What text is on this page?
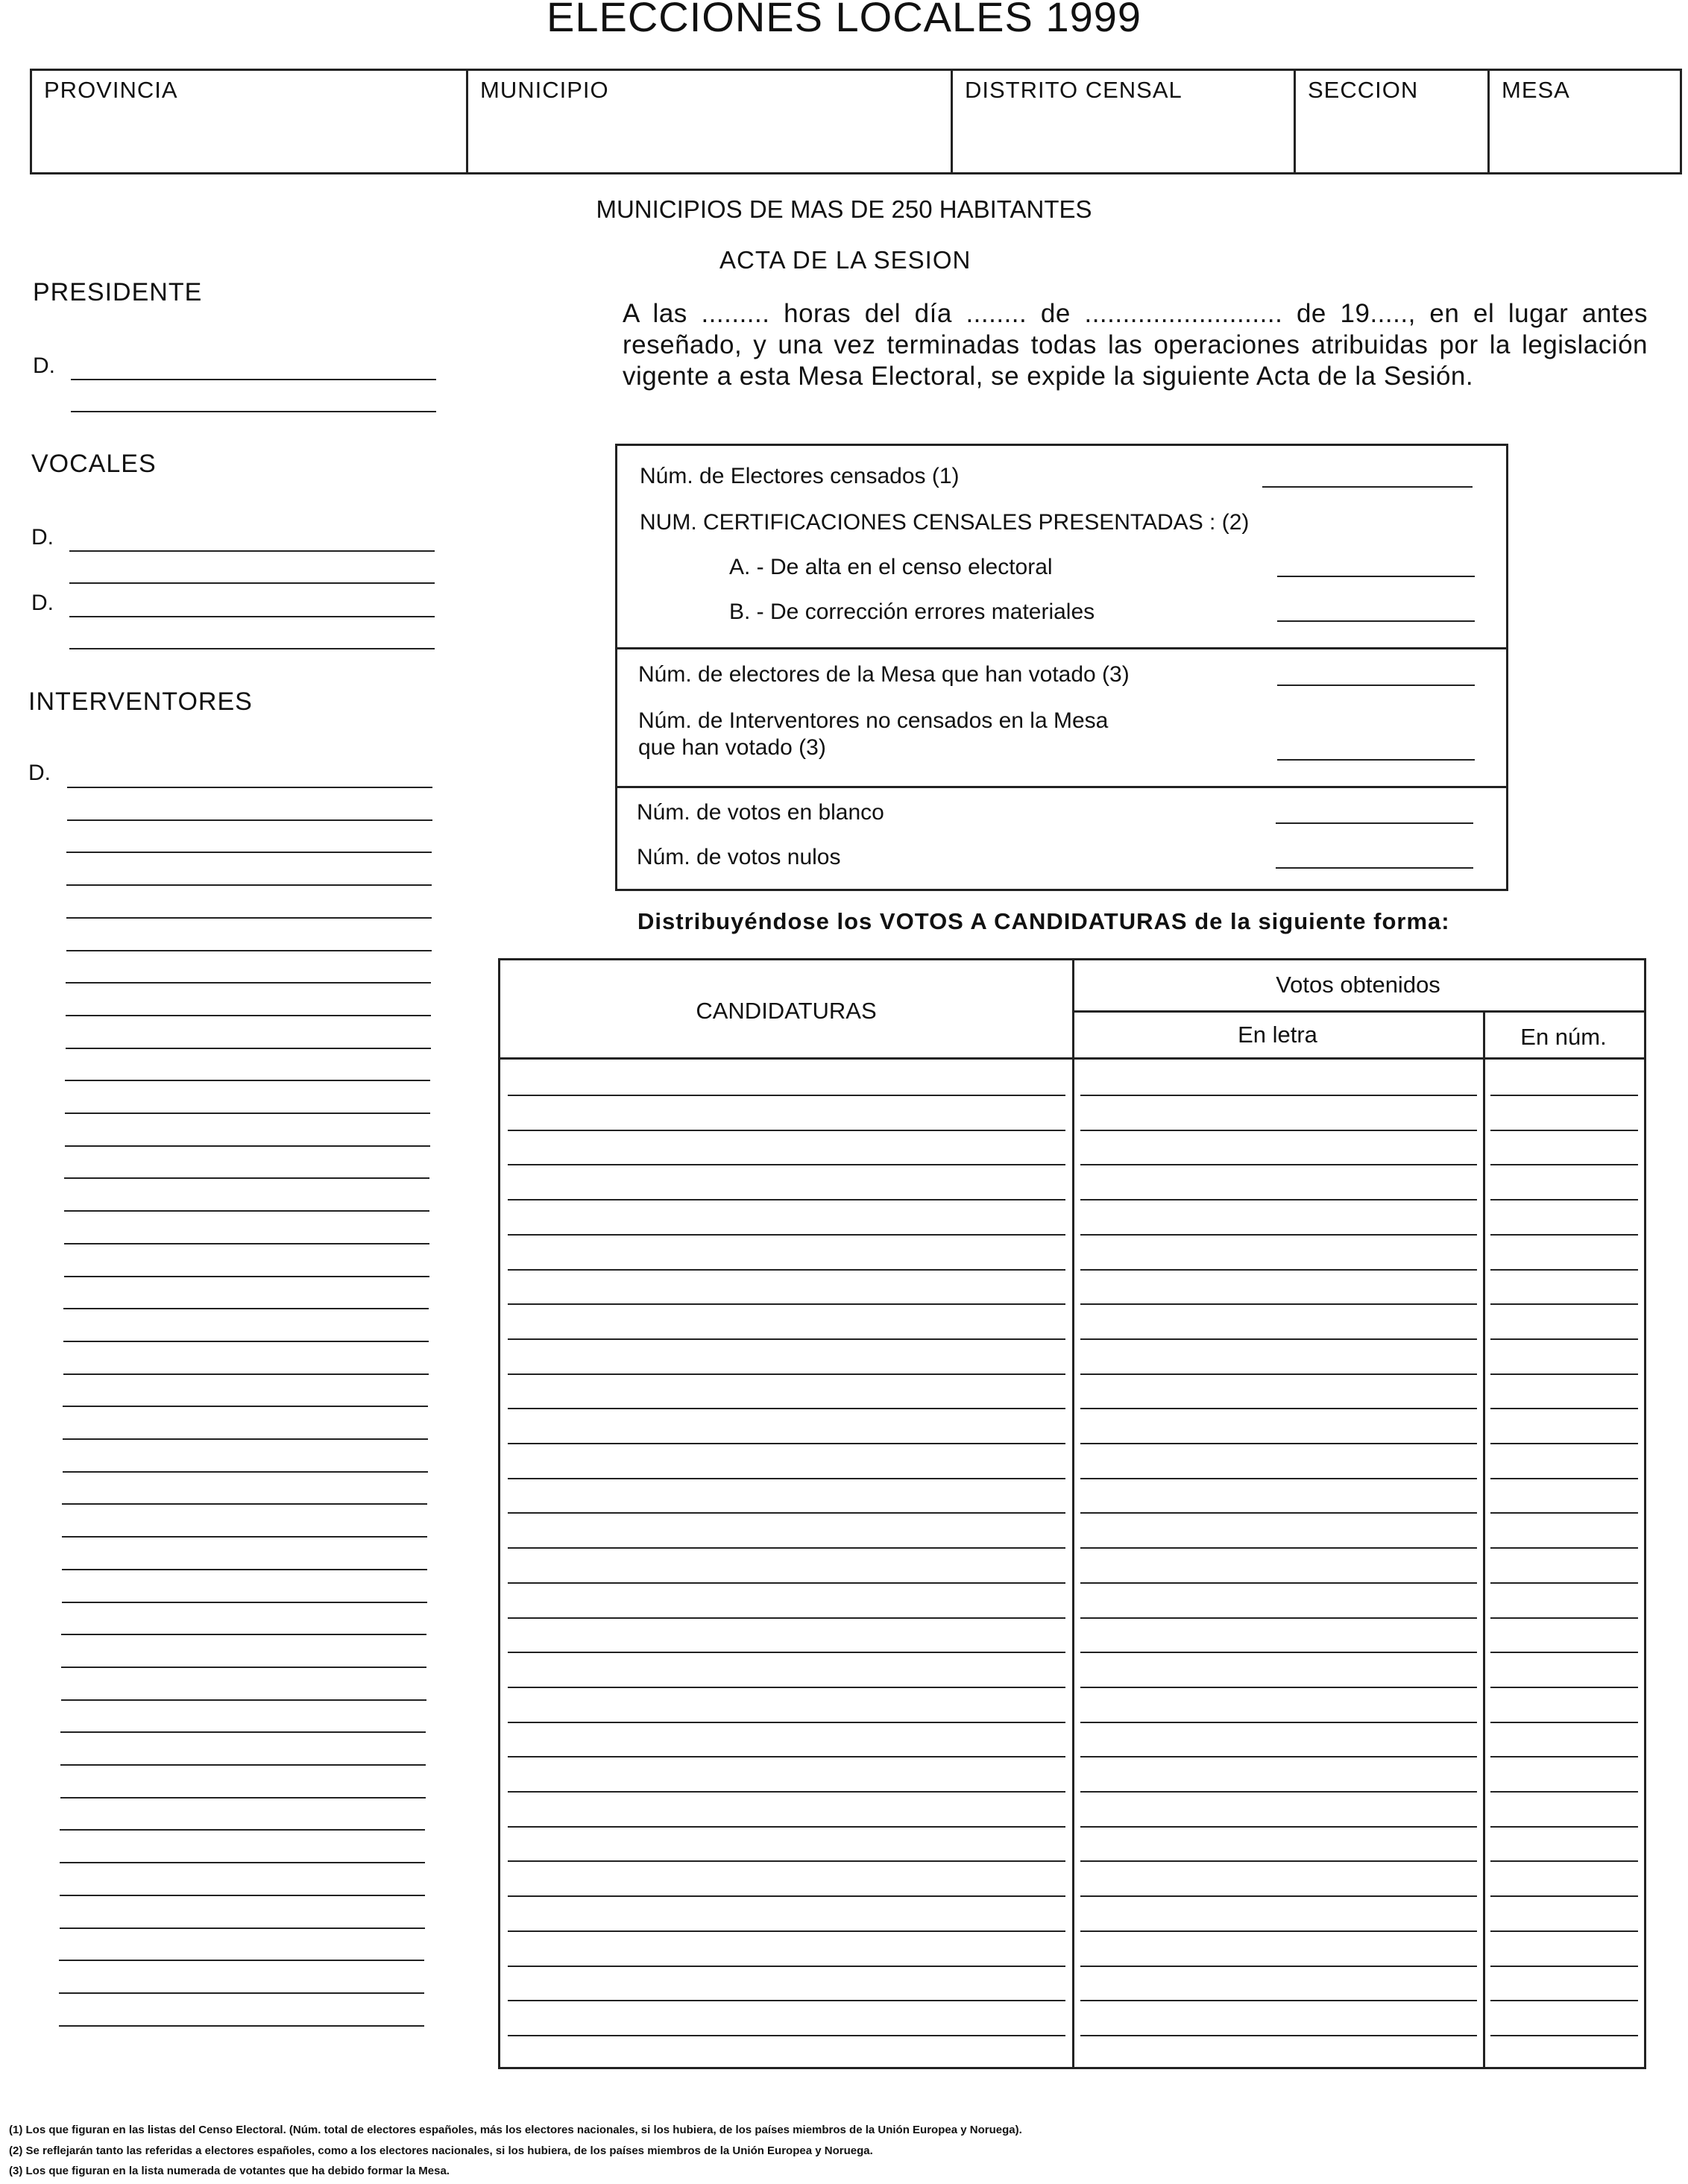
ELECCIONES LOCALES 1999
PROVINCIA	MUNICIPIO	DISTRITO CENSAL	SECCION	MESA
MUNICIPIOS DE MAS DE 250 HABITANTES
ACTA DE LA SESION
PRESIDENTE
D.
VOCALES
D.
D.
INTERVENTORES
D.
A las ......... horas del día ........ de .......................... de 19....., en el lugar antes reseñado, y una vez terminadas todas las operaciones atribuidas por la legislación vigente a esta Mesa Electoral, se expide la siguiente Acta de la Sesión.
Núm. de Electores censados (1)
NUM. CERTIFICACIONES CENSALES PRESENTADAS : (2)
A. - De alta en el censo electoral
B. - De corrección errores materiales
Núm. de electores de la Mesa que han votado (3)
Núm. de Interventores no censados en la Mesa
que han votado (3)
Núm. de votos en blanco
Núm. de votos nulos
Distribuyéndose los VOTOS A CANDIDATURAS de la siguiente forma:
CANDIDATURAS
Votos obtenidos
En letra	En núm.
(1) Los que figuran en las listas del Censo Electoral. (Núm. total de electores españoles, más los electores nacionales, si los hubiera, de los países miembros de la Unión Europea y Noruega).
(2) Se reflejarán tanto las referidas a electores españoles, como a los electores nacionales, si los hubiera, de los países miembros de la Unión Europea y Noruega.
(3) Los que figuran en la lista numerada de votantes que ha debido formar la Mesa.
